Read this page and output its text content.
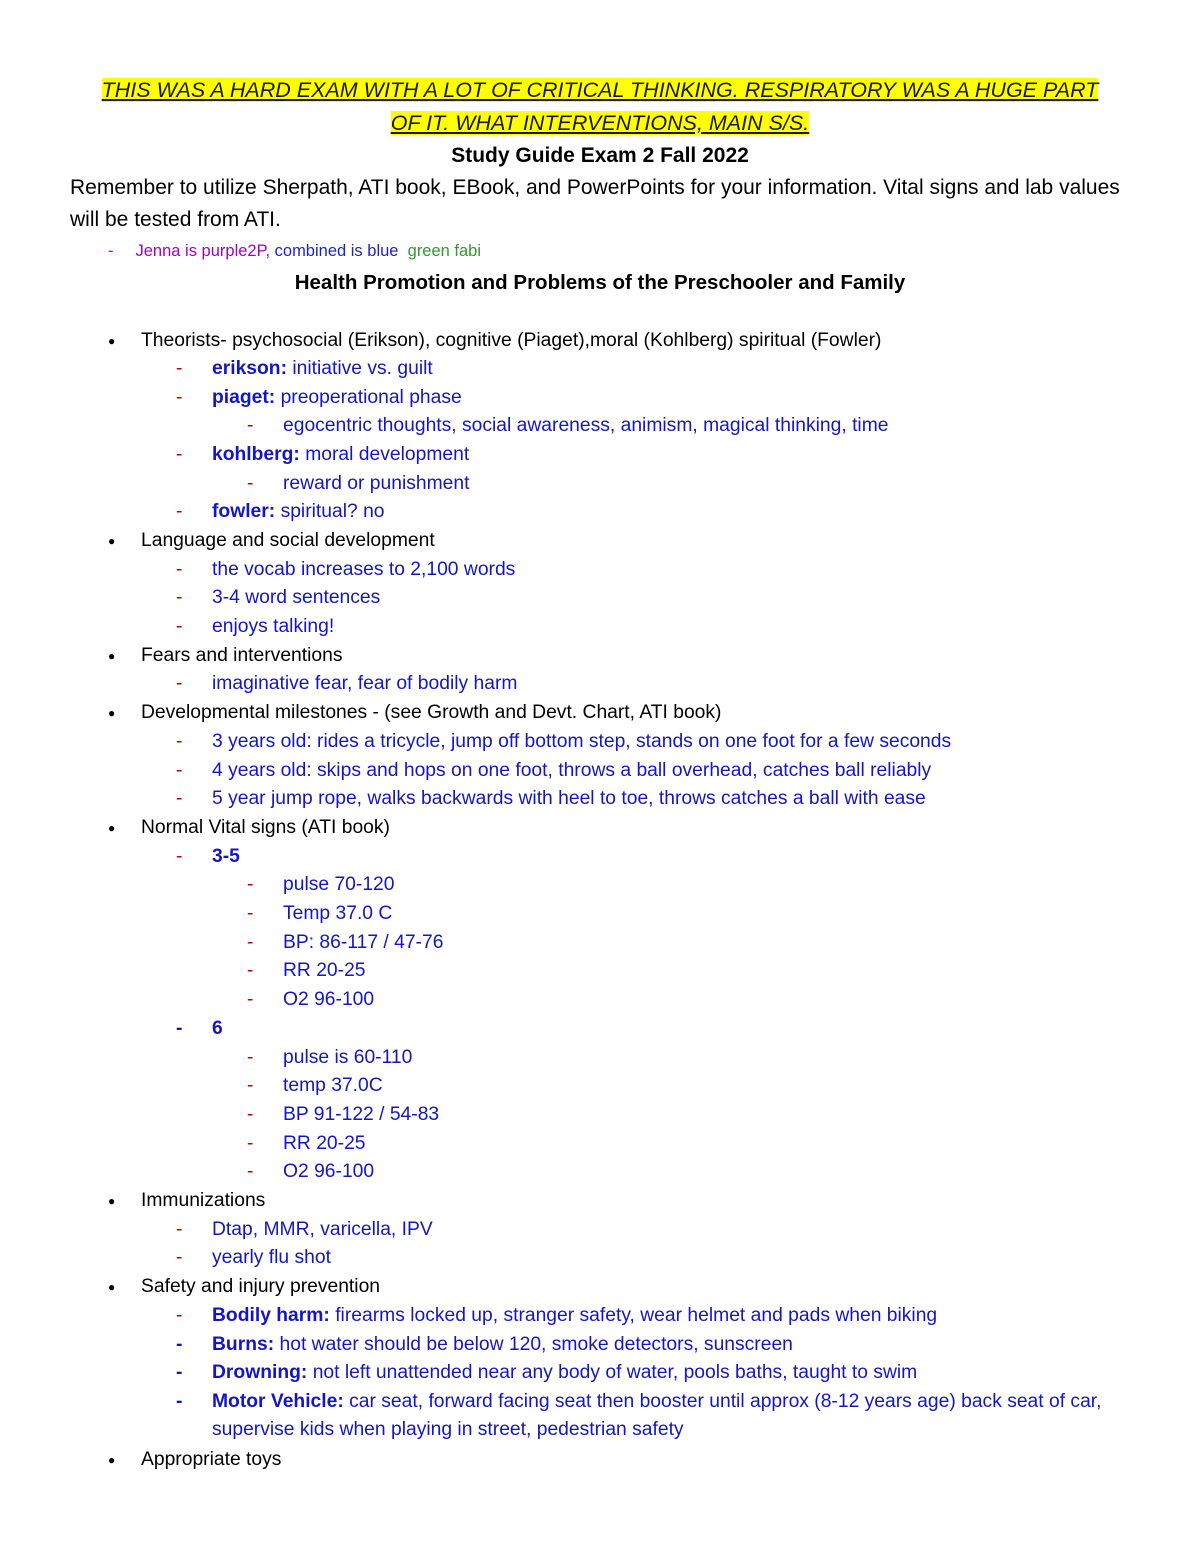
THIS WAS A HARD EXAM WITH A LOT OF CRITICAL THINKING. RESPIRATORY WAS A HUGE PART
OF IT. WHAT INTERVENTIONS, MAIN S/S.
Study Guide Exam 2 Fall 2022
Remember to utilize Sherpath, ATI book, EBook, and PowerPoints for your information. Vital signs and lab values will be tested from ATI.
- Jenna is purple2P, combined is blue green fabi
Health Promotion and Problems of the Preschooler and Family
● Theorists- psychosocial (Erikson), cognitive (Piaget),moral (Kohlberg) spiritual (Fowler)
- erikson: initiative vs. guilt
- piaget: preoperational phase
- egocentric thoughts, social awareness, animism, magical thinking, time
- kohlberg: moral development
- reward or punishment
- fowler: spiritual? no
● Language and social development
- the vocab increases to 2,100 words
- 3-4 word sentences
- enjoys talking!
● Fears and interventions
- imaginative fear, fear of bodily harm
● Developmental milestones - (see Growth and Devt. Chart, ATI book)
- 3 years old: rides a tricycle, jump off bottom step, stands on one foot for a few seconds
- 4 years old: skips and hops on one foot, throws a ball overhead, catches ball reliably
- 5 year jump rope, walks backwards with heel to toe, throws catches a ball with ease
● Normal Vital signs (ATI book)
- 3-5
- pulse 70-120
- Temp 37.0 C
- BP: 86-117 / 47-76
- RR 20-25
- O2 96-100
- 6
- pulse is 60-110
- temp 37.0C
- BP 91-122 / 54-83
- RR 20-25
- O2 96-100
● Immunizations
- Dtap, MMR, varicella, IPV
- yearly flu shot
● Safety and injury prevention
- Bodily harm: firearms locked up, stranger safety, wear helmet and pads when biking
- Burns: hot water should be below 120, smoke detectors, sunscreen
- Drowning: not left unattended near any body of water, pools baths, taught to swim
- Motor Vehicle: car seat, forward facing seat then booster until approx (8-12 years age) back seat of car, supervise kids when playing in street, pedestrian safety
● Appropriate toys
